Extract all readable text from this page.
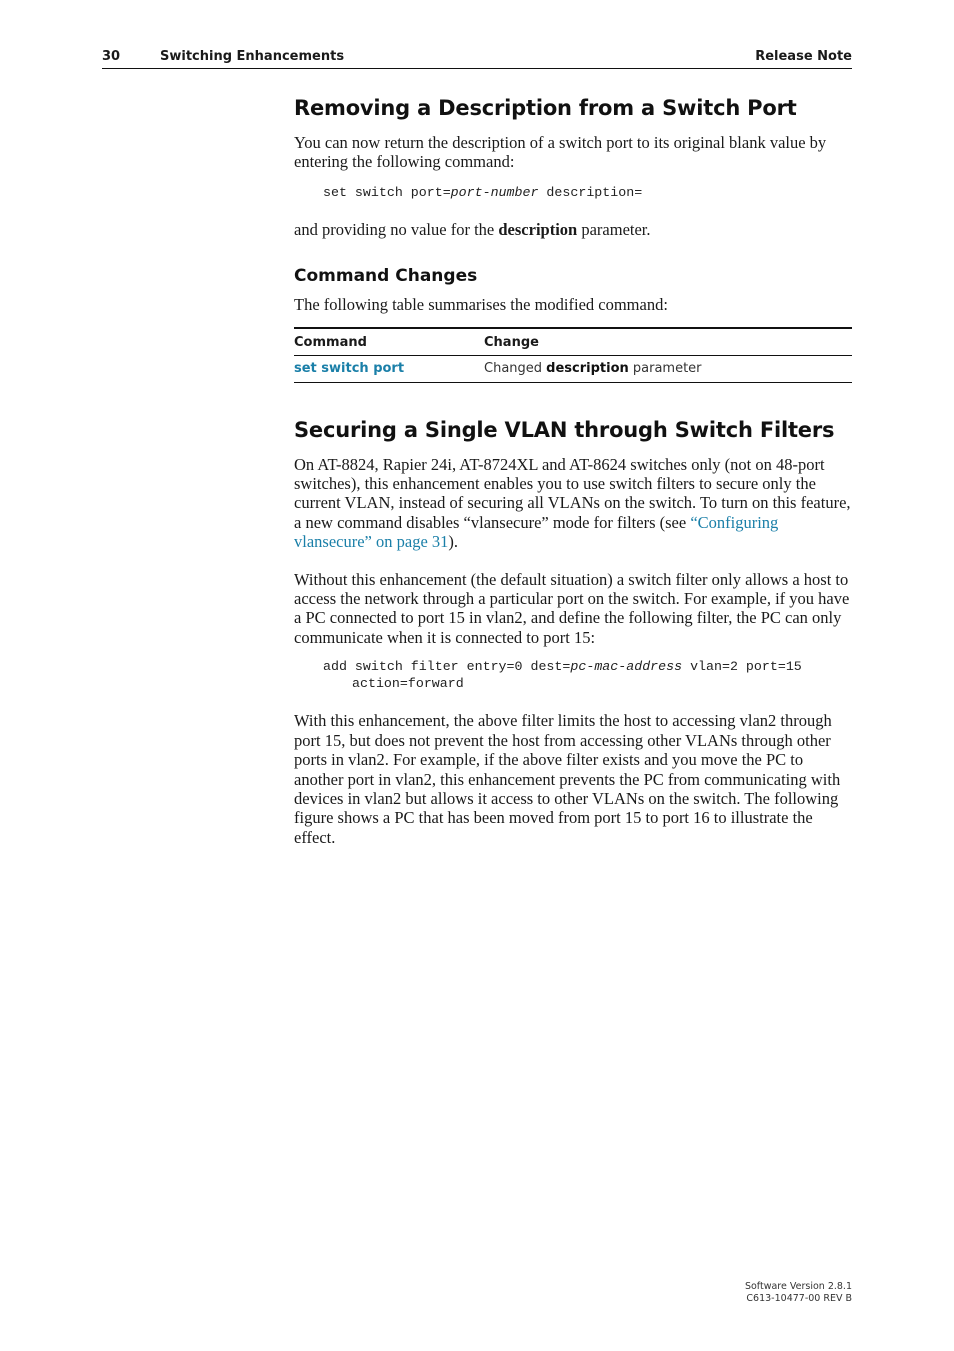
30	Switching Enhancements	Release Note
Removing a Description from a Switch Port

You can now return the description of a switch port to its original blank value by entering the following command:

set switch port=port-number description=

and providing no value for the description parameter.

Command Changes

The following table summarises the modified command:

Command	Change
set switch port	Changed description parameter
Securing a Single VLAN through Switch Filters

On AT-8824, Rapier 24i, AT-8724XL and AT-8624 switches only (not on 48-port switches), this enhancement enables you to use switch filters to secure only the current VLAN, instead of securing all VLANs on the switch. To turn on this feature, a new command disables “vlansecure” mode for filters (see “Configuring vlansecure” on page 31).

Without this enhancement (the default situation) a switch filter only allows a host to access the network through a particular port on the switch. For example, if you have a PC connected to port 15 in vlan2, and define the following filter, the PC can only communicate when it is connected to port 15:

add switch filter entry=0 dest=pc-mac-address vlan=2 port=15
action=forward

With this enhancement, the above filter limits the host to accessing vlan2 through port 15, but does not prevent the host from accessing other VLANs through other ports in vlan2. For example, if the above filter exists and you move the PC to another port in vlan2, this enhancement prevents the PC from communicating with devices in vlan2 but allows it access to other VLANs on the switch. The following figure shows a PC that has been moved from port 15 to port 16 to illustrate the effect.

Software Version 2.8.1
C613-10477-00 REV B
